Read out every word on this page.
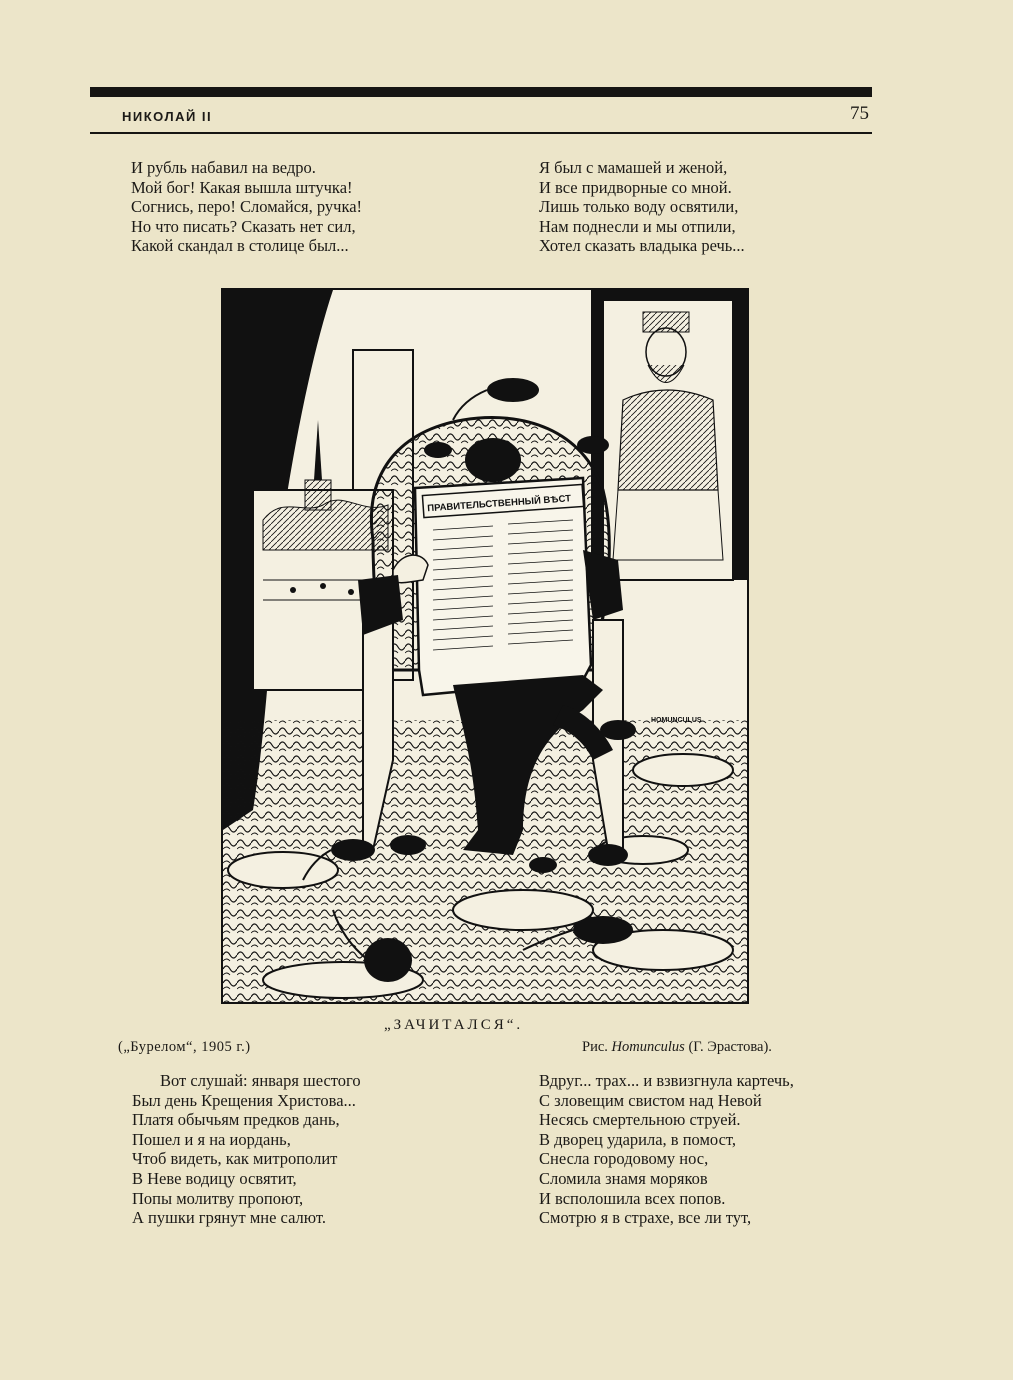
НИКОЛАЙ II	75
И рубль набавил на ведро.
Мой бог! Какая вышла штучка!
Согнись, перо! Сломайся, ручка!
Но что писать? Сказать нет сил,
Какой скандал в столице был...
Я был с мамашей и женой,
И все придворные со мной.
Лишь только воду освятили,
Нам поднесли и мы отпили,
Хотел сказать владыка речь...
ПРАВИТЕЛЬСТВЕННЫЙ ВѢСТ
HOMUNCULUS
„ЗАЧИТАЛСЯ“.
(„Бурелом“, 1905 г.)	Рис. Homunculus (Г. Эрастова).
Вот слушай: января шестого
Был день Крещения Христова...
Платя обычьям предков дань,
Пошел и я на иордань,
Чтоб видеть, как митрополит
В Неве водицу освятит,
Попы молитву пропоют,
А пушки грянут мне салют.
Вдруг... трах... и взвизгнула картечь,
С зловещим свистом над Невой
Несясь смертельною струей.
В дворец ударила, в помост,
Снесла городовому нос,
Сломила знамя моряков
И всполошила всех попов.
Смотрю я в страхе, все ли тут,
